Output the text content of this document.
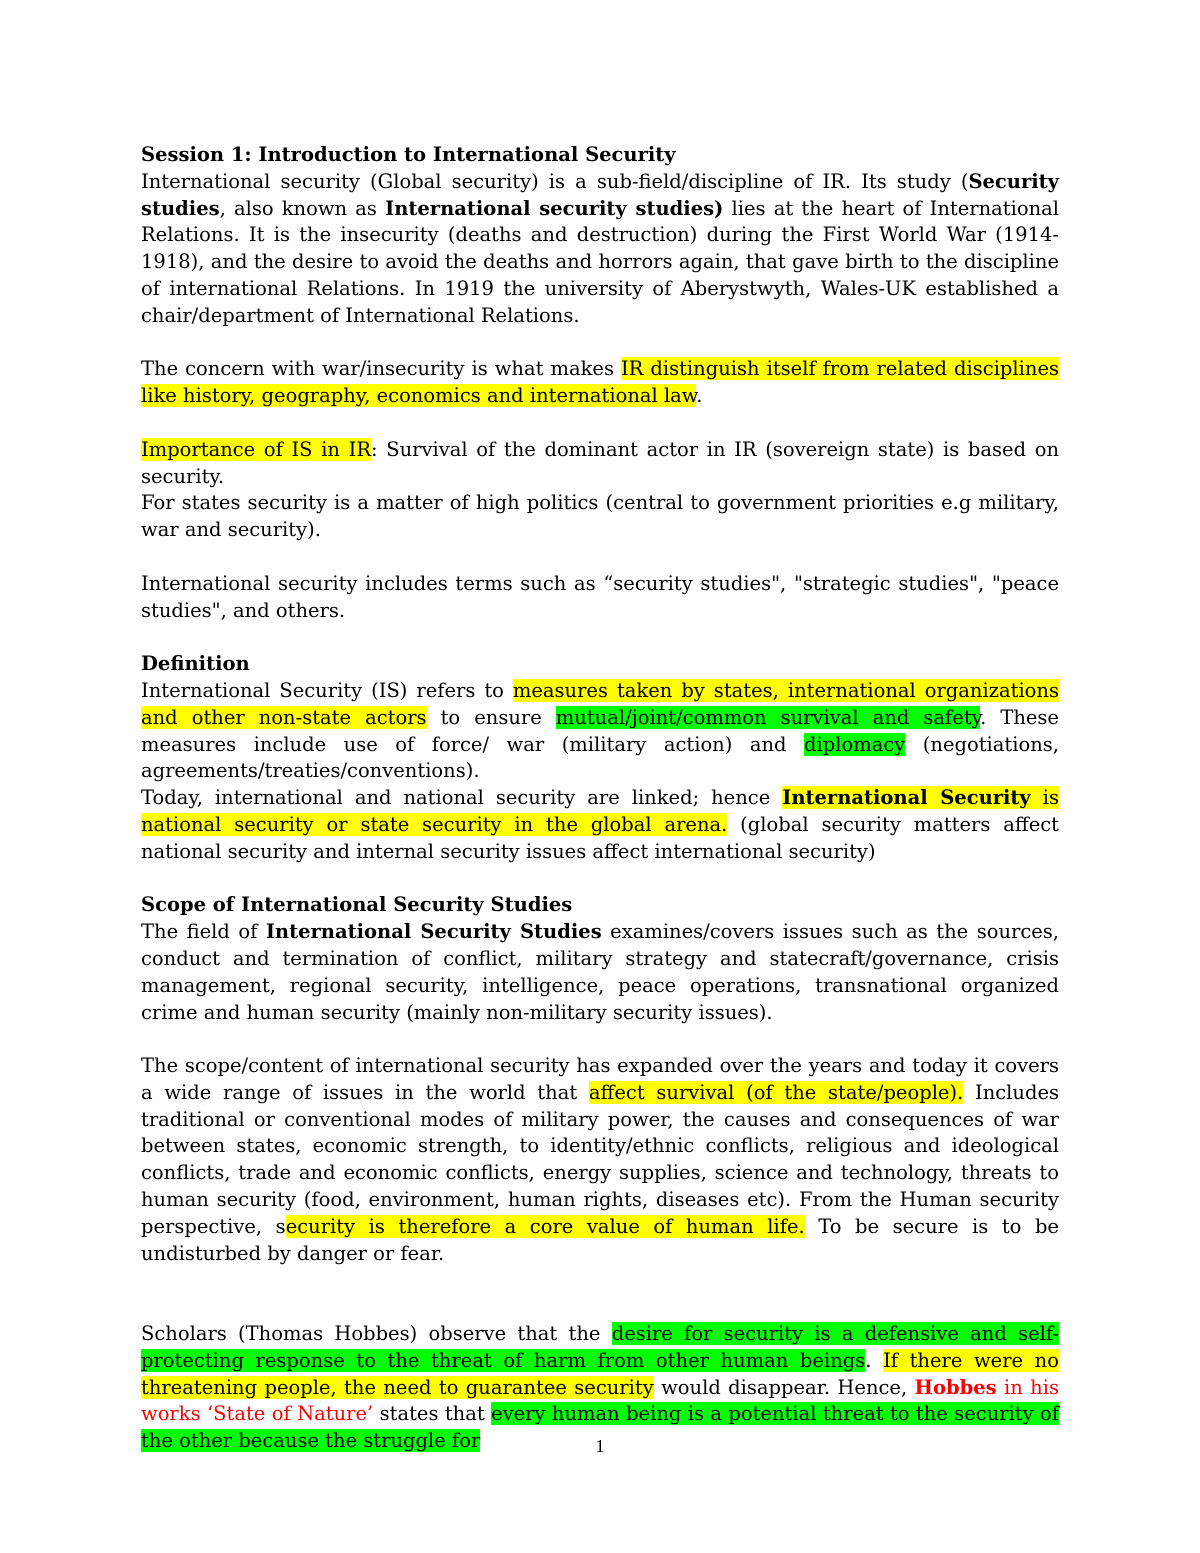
Session 1: Introduction to International Security

International security (Global security) is a sub-field/discipline of IR. Its study (Security studies, also known as International security studies) lies at the heart of International Relations. It is the insecurity (deaths and destruction) during the First World War (1914-1918), and the desire to avoid the deaths and horrors again, that gave birth to the discipline of international Relations. In 1919 the university of Aberystwyth, Wales-UK established a chair/department of International Relations.

The concern with war/insecurity is what makes IR distinguish itself from related disciplines like history, geography, economics and international law.

Importance of IS in IR: Survival of the dominant actor in IR (sovereign state) is based on security.

For states security is a matter of high politics (central to government priorities e.g military, war and security).

International security includes terms such as “security studies", "strategic studies", "peace studies", and others.

Definition

International Security (IS) refers to measures taken by states, international organizations and other non-state actors to ensure mutual/joint/common survival and safety. These measures include use of force/ war (military action) and diplomacy (negotiations, agreements/treaties/conventions).

Today, international and national security are linked; hence International Security is national security or state security in the global arena. (global security matters affect national security and internal security issues affect international security)

Scope of International Security Studies

The field of International Security Studies examines/covers issues such as the sources, conduct and termination of conflict, military strategy and statecraft/governance, crisis management, regional security, intelligence, peace operations, transnational organized crime and human security (mainly non-military security issues).

The scope/content of international security has expanded over the years and today it covers a wide range of issues in the world that affect survival (of the state/people). Includes traditional or conventional modes of military power, the causes and consequences of war between states, economic strength, to identity/ethnic conflicts, religious and ideological conflicts, trade and economic conflicts, energy supplies, science and technology, threats to human security (food, environment, human rights, diseases etc). From the Human security perspective, security is therefore a core value of human life. To be secure is to be undisturbed by danger or fear.

Scholars (Thomas Hobbes) observe that the desire for security is a defensive and self-protecting response to the threat of harm from other human beings. If there were no threatening people, the need to guarantee security would disappear. Hence, Hobbes in his works ‘State of Nature’ states that every human being is a potential threat to the security of the other because the struggle for	1
